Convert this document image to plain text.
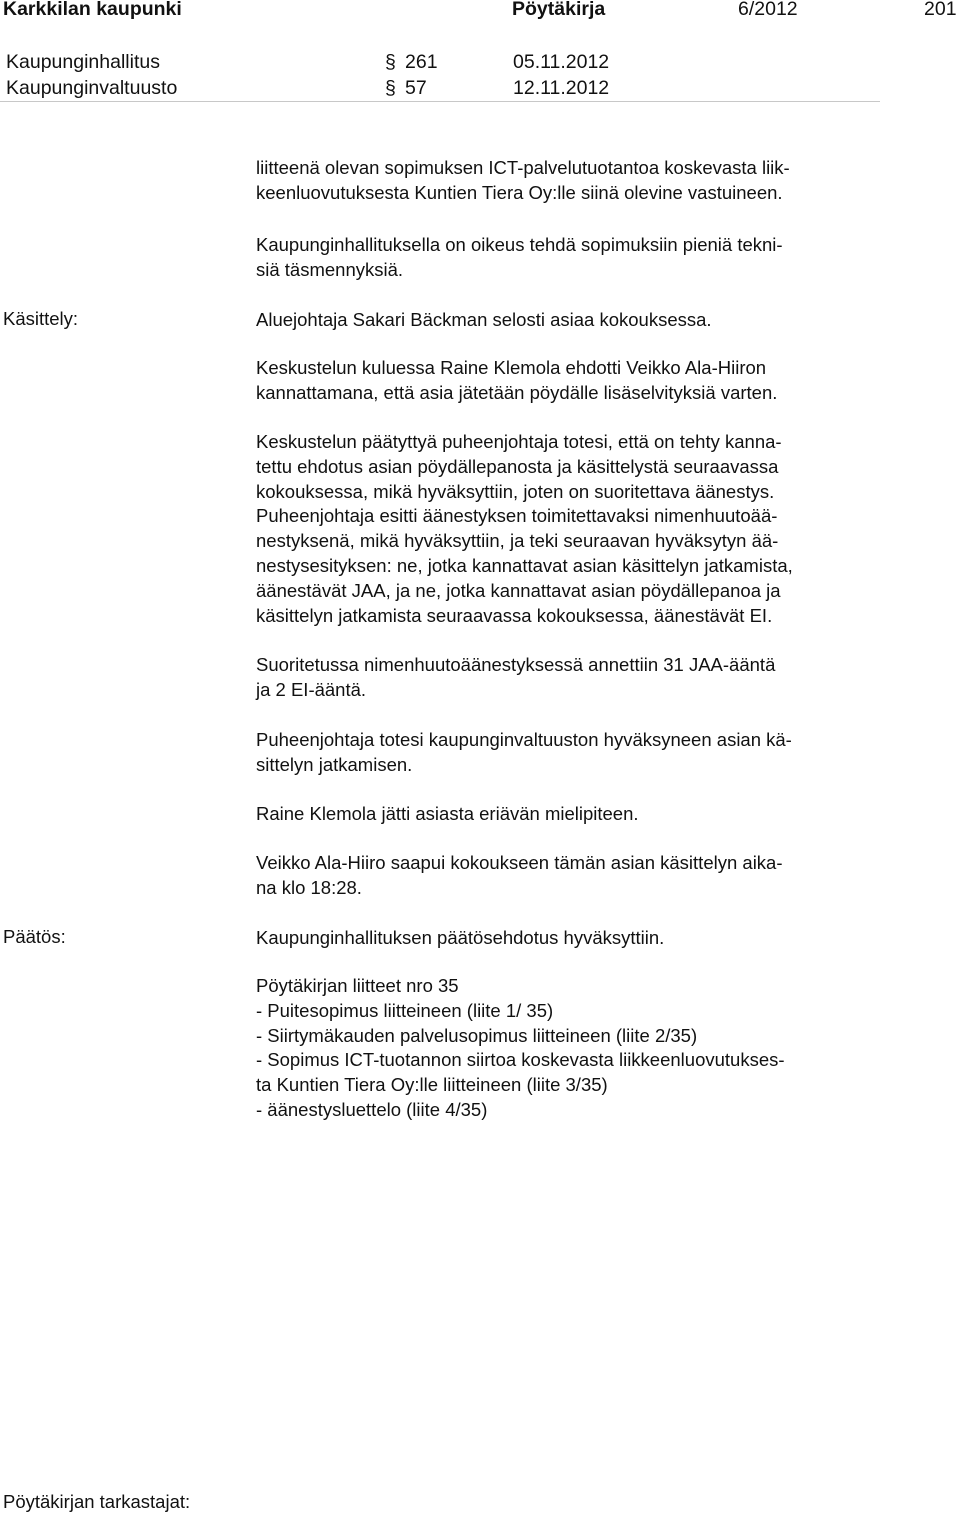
Karkkilan kaupunki	Pöytäkirja	6/2012	201
Kaupunginhallitus	§ 261	05.11.2012
Kaupunginvaltuusto	§ 57	12.11.2012

liitteenä olevan sopimuksen ICT-palvelutuotantoa koskevasta liik-
keenluovutuksesta Kuntien Tiera Oy:lle siinä olevine vastuineen.

Kaupunginhallituksella on oikeus tehdä sopimuksiin pieniä tekni-
siä täsmennyksiä.

Käsittely:	Aluejohtaja Sakari Bäckman selosti asiaa kokouksessa.

Keskustelun kuluessa Raine Klemola ehdotti Veikko Ala-Hiiron
kannattamana, että asia jätetään pöydälle lisäselvityksiä varten.

Keskustelun päätyttyä puheenjohtaja totesi, että on tehty kanna-
tettu ehdotus asian pöydällepanosta ja käsittelystä seuraavassa
kokouksessa, mikä hyväksyttiin, joten on suoritettava äänestys.
Puheenjohtaja esitti äänestyksen toimitettavaksi nimenhuutoää-
nestyksenä, mikä hyväksyttiin, ja teki seuraavan hyväksytyn ää-
nestysesityksen: ne, jotka kannattavat asian käsittelyn jatkamista,
äänestävät JAA, ja ne, jotka kannattavat asian pöydällepanoa ja
käsittelyn jatkamista seuraavassa kokouksessa, äänestävät EI.

Suoritetussa nimenhuutoäänestyksessä annettiin 31 JAA-ääntä
ja 2 EI-ääntä.

Puheenjohtaja totesi kaupunginvaltuuston hyväksyneen asian kä-
sittelyn jatkamisen.

Raine Klemola jätti asiasta eriävän mielipiteen.

Veikko Ala-Hiiro saapui kokoukseen tämän asian käsittelyn aika-
na klo 18:28.

Päätös:	Kaupunginhallituksen päätösehdotus hyväksyttiin.

Pöytäkirjan liitteet nro 35
- Puitesopimus liitteineen (liite 1/ 35)
- Siirtymäkauden palvelusopimus liitteineen (liite 2/35)
- Sopimus ICT-tuotannon siirtoa koskevasta liikkeenluovutukses-
ta Kuntien Tiera Oy:lle liitteineen (liite 3/35)
- äänestysluettelo (liite 4/35)

Pöytäkirjan tarkastajat:
